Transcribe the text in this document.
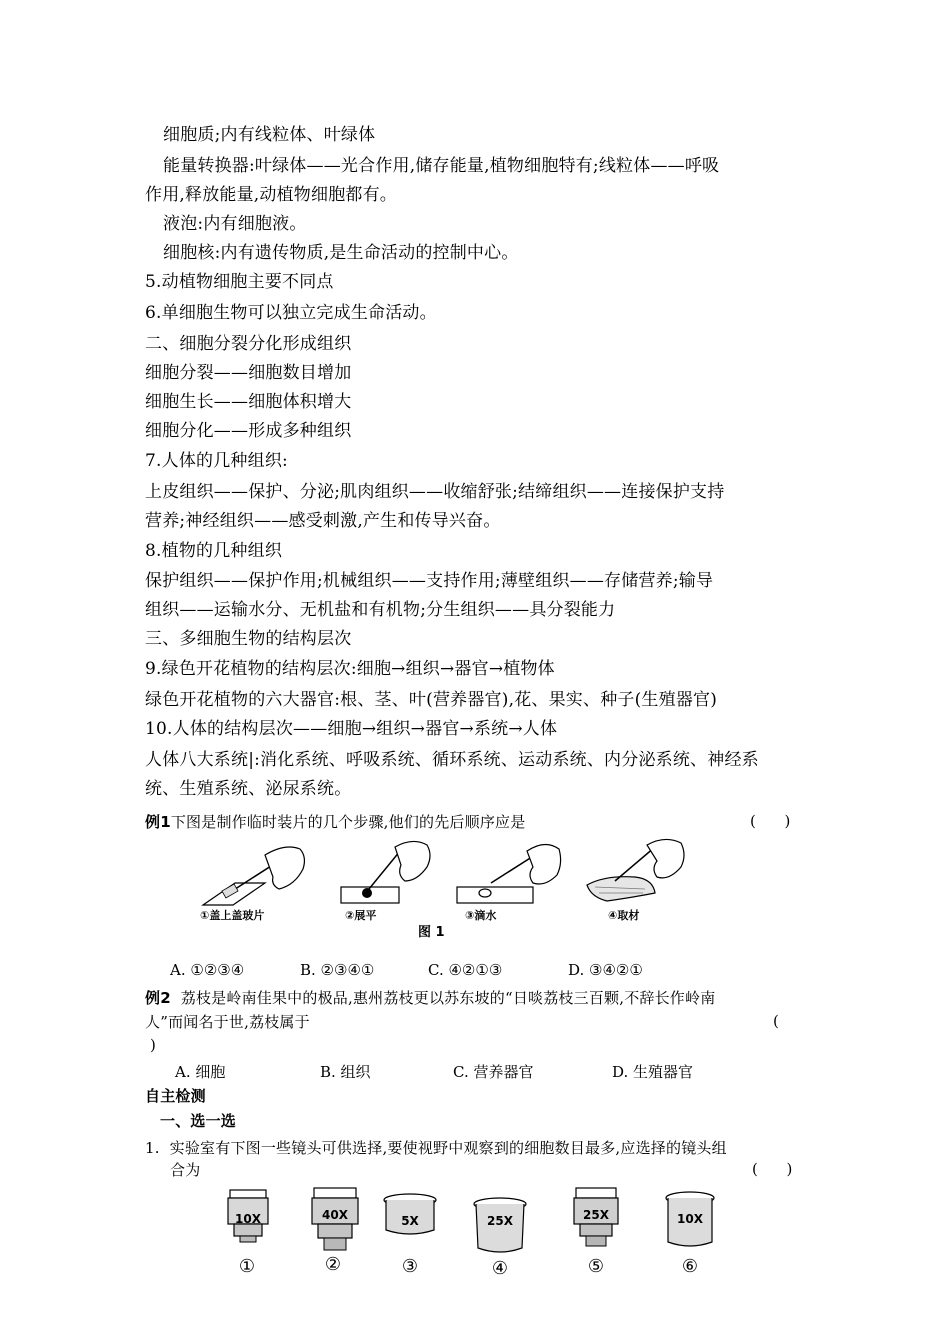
细胞质;内有线粒体、叶绿体
能量转换器:叶绿体——光合作用,储存能量,植物细胞特有;线粒体——呼吸
作用,释放能量,动植物细胞都有。
液泡:内有细胞液。
细胞核:内有遗传物质,是生命活动的控制中心。
5.动植物细胞主要不同点
6.单细胞生物可以独立完成生命活动。
二、细胞分裂分化形成组织
细胞分裂——细胞数目增加
细胞生长——细胞体积增大
细胞分化——形成多种组织
7.人体的几种组织:
上皮组织——保护、分泌;肌肉组织——收缩舒张;结缔组织——连接保护支持
营养;神经组织——感受刺激,产生和传导兴奋。
8.植物的几种组织
保护组织——保护作用;机械组织——支持作用;薄壁组织——存储营养;输导
组织——运输水分、无机盐和有机物;分生组织——具分裂能力
三、多细胞生物的结构层次
9.绿色开花植物的结构层次:细胞→组织→器官→植物体
绿色开花植物的六大器官:根、茎、叶(营养器官),花、果实、种子(生殖器官)
10.人体的结构层次——细胞→组织→器官→系统→人体
人体八大系统|:消化系统、呼吸系统、循环系统、运动系统、内分泌系统、神经系
统、生殖系统、泌尿系统。
例1下图是制作临时装片的几个步骤,他们的先后顺序应是	(      )
①盖上盖玻片	②展平	③滴水	④取材
图 1
A. ①②③④	B. ②③④①	C. ④②①③	D. ③④②①
例2 荔枝是岭南佳果中的极品,惠州荔枝更以苏东坡的“日啖荔枝三百颗,不辞长作岭南
人”而闻名于世,荔枝属于	(
)
A. 细胞	B. 组织	C. 营养器官	D. 生殖器官
自主检测
一、选一选
1. 实验室有下图一些镜头可供选择,要使视野中观察到的细胞数目最多,应选择的镜头组
合为	(      )
10X	40X	5X	25X	25X	10X
①	②	③	④	⑤	⑥
